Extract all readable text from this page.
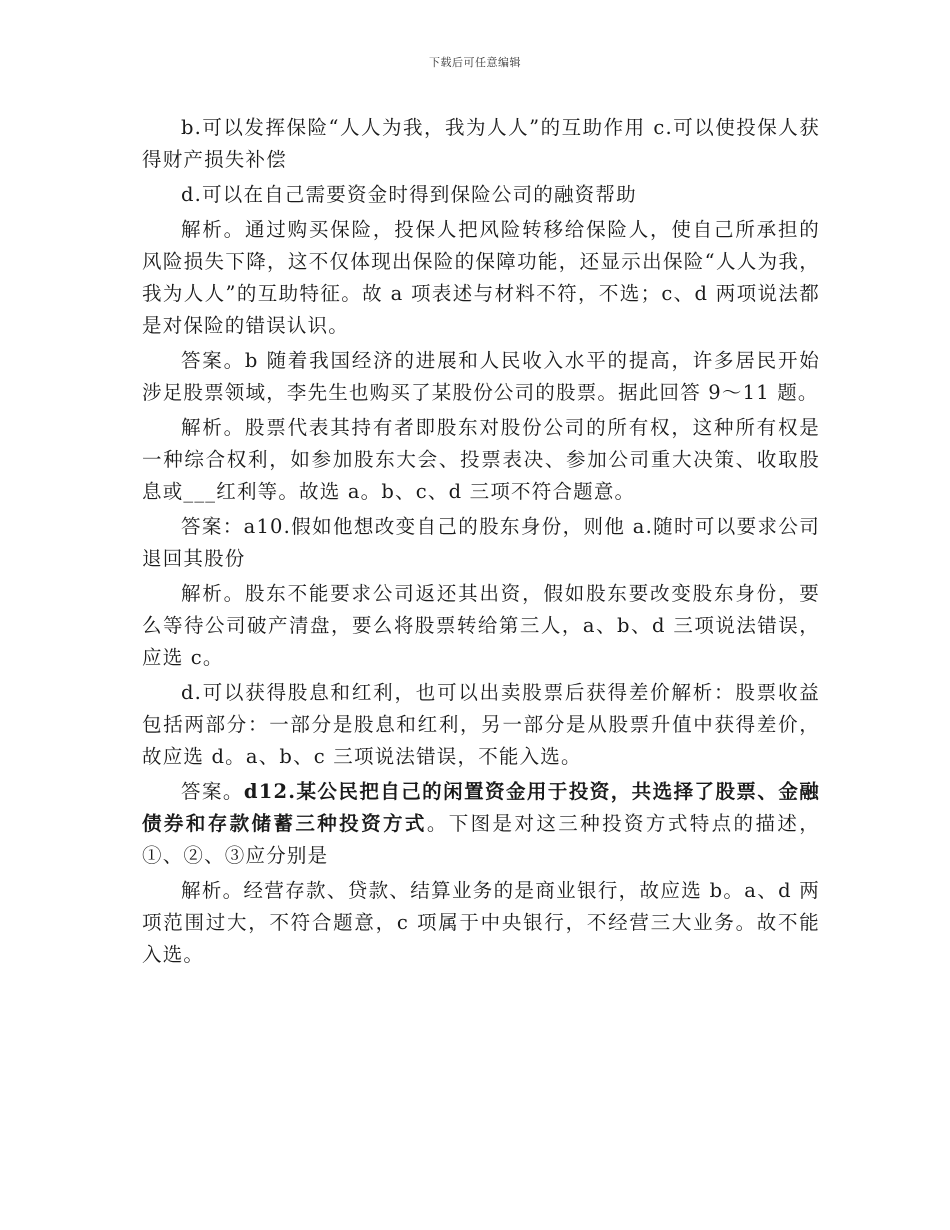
下载后可任意编辑

b.可以发挥保险“人人为我，我为人人”的互助作用 c.可以使投保人获得财产损失补偿

d.可以在自己需要资金时得到保险公司的融资帮助

解析。通过购买保险，投保人把风险转移给保险人，使自己所承担的风险损失下降，这不仅体现出保险的保障功能，还显示出保险“人人为我，我为人人”的互助特征。故 a 项表述与材料不符，不选；c、d 两项说法都是对保险的错误认识。

答案。b 随着我国经济的进展和人民收入水平的提高，许多居民开始涉足股票领域，李先生也购买了某股份公司的股票。据此回答 9～11 题。

解析。股票代表其持有者即股东对股份公司的所有权，这种所有权是一种综合权利，如参加股东大会、投票表决、参加公司重大决策、收取股息或___红利等。故选 a。b、c、d 三项不符合题意。

答案：a10.假如他想改变自己的股东身份，则他 a.随时可以要求公司退回其股份

解析。股东不能要求公司返还其出资，假如股东要改变股东身份，要么等待公司破产清盘，要么将股票转给第三人，a、b、d 三项说法错误，应选 c。

d.可以获得股息和红利，也可以出卖股票后获得差价解析：股票收益包括两部分：一部分是股息和红利，另一部分是从股票升值中获得差价，故应选 d。a、b、c 三项说法错误，不能入选。

答案。d12.某公民把自己的闲置资金用于投资，共选择了股票、金融债券和存款储蓄三种投资方式。下图是对这三种投资方式特点的描述，①、②、③应分别是

解析。经营存款、贷款、结算业务的是商业银行，故应选 b。a、d 两项范围过大，不符合题意，c 项属于中央银行，不经营三大业务。故不能入选。
